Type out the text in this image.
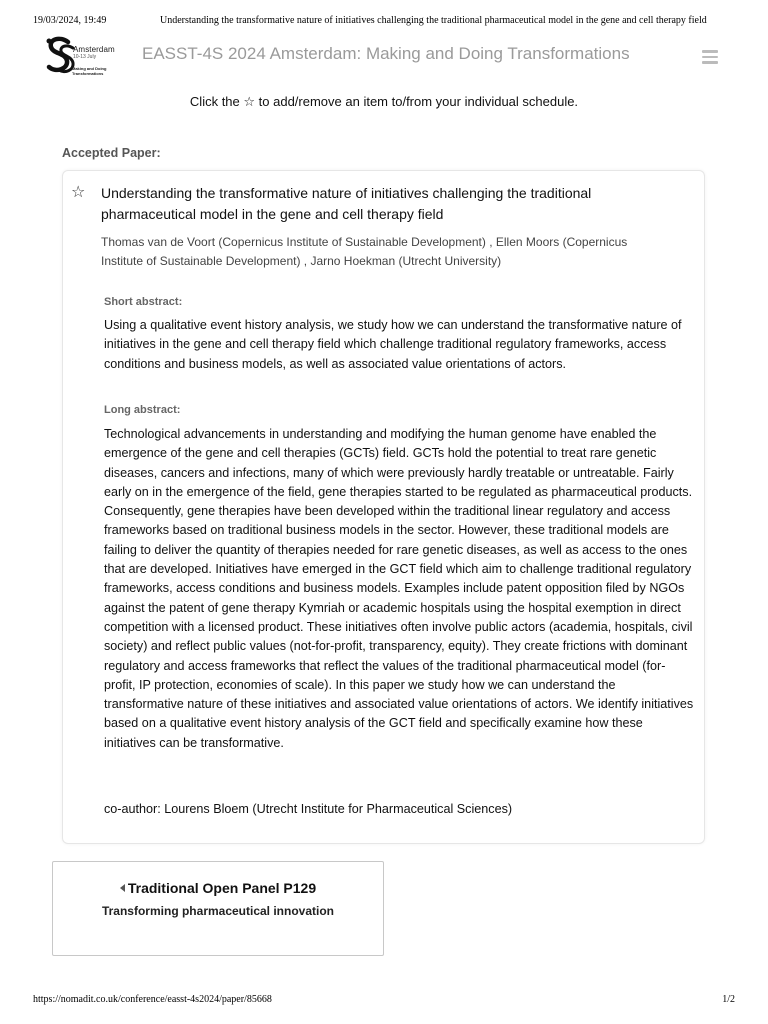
19/03/2024, 19:49	Understanding the transformative nature of initiatives challenging the traditional pharmaceutical model in the gene and cell therapy field
Amsterdam
10-13 July
Making and Doing Transformations
EASST-4S 2024 Amsterdam: Making and Doing Transformations
Click the ☆ to add/remove an item to/from your individual schedule.
Accepted Paper:
☆ Understanding the transformative nature of initiatives challenging the traditional pharmaceutical model in the gene and cell therapy field
Thomas van de Voort (Copernicus Institute of Sustainable Development) , Ellen Moors (Copernicus Institute of Sustainable Development) , Jarno Hoekman (Utrecht University)
Short abstract:
Using a qualitative event history analysis, we study how we can understand the transformative nature of initiatives in the gene and cell therapy field which challenge traditional regulatory frameworks, access conditions and business models, as well as associated value orientations of actors.
Long abstract:
Technological advancements in understanding and modifying the human genome have enabled the emergence of the gene and cell therapies (GCTs) field. GCTs hold the potential to treat rare genetic diseases, cancers and infections, many of which were previously hardly treatable or untreatable. Fairly early on in the emergence of the field, gene therapies started to be regulated as pharmaceutical products. Consequently, gene therapies have been developed within the traditional linear regulatory and access frameworks based on traditional business models in the sector. However, these traditional models are failing to deliver the quantity of therapies needed for rare genetic diseases, as well as access to the ones that are developed. Initiatives have emerged in the GCT field which aim to challenge traditional regulatory frameworks, access conditions and business models. Examples include patent opposition filed by NGOs against the patent of gene therapy Kymriah or academic hospitals using the hospital exemption in direct competition with a licensed product. These initiatives often involve public actors (academia, hospitals, civil society) and reflect public values (not-for-profit, transparency, equity). They create frictions with dominant regulatory and access frameworks that reflect the values of the traditional pharmaceutical model (for-profit, IP protection, economies of scale). In this paper we study how we can understand the transformative nature of these initiatives and associated value orientations of actors. We identify initiatives based on a qualitative event history analysis of the GCT field and specifically examine how these initiatives can be transformative.
co-author: Lourens Bloem (Utrecht Institute for Pharmaceutical Sciences)
Traditional Open Panel P129
Transforming pharmaceutical innovation
https://nomadit.co.uk/conference/easst-4s2024/paper/85668	1/2
